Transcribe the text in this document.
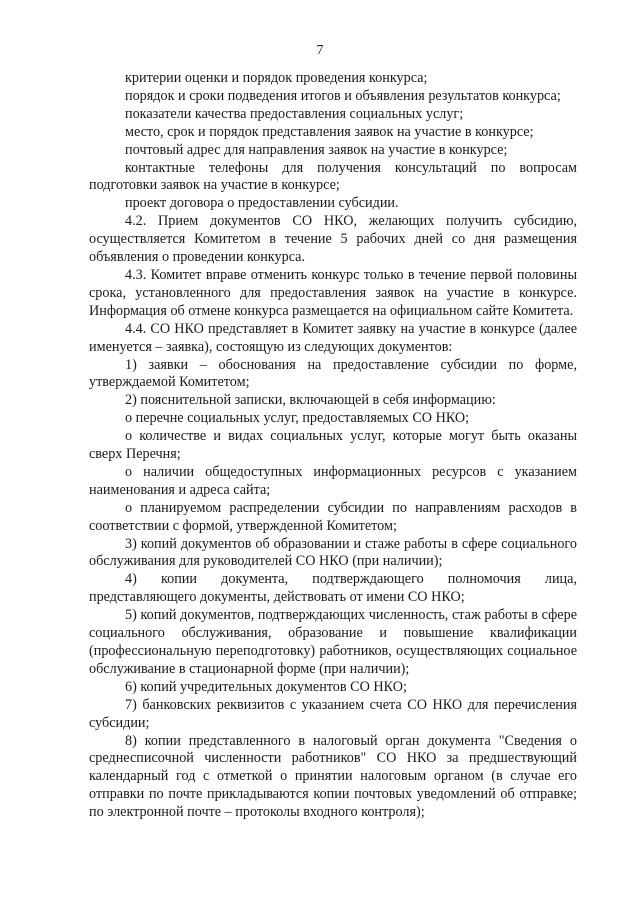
7

критерии оценки и порядок проведения конкурса;

порядок и сроки подведения итогов и объявления результатов конкурса;

показатели качества предоставления социальных услуг;

место, срок и порядок представления заявок на участие в конкурсе;

почтовый адрес для направления заявок на участие в конкурсе;

контактные телефоны для получения консультаций по вопросам подготовки заявок на участие в конкурсе;

проект договора о предоставлении субсидии.

4.2. Прием документов СО НКО, желающих получить субсидию, осуществляется Комитетом в течение 5 рабочих дней со дня размещения объявления о проведении конкурса.

4.3. Комитет вправе отменить конкурс только в течение первой половины срока, установленного для предоставления заявок на участие в конкурсе. Информация об отмене конкурса размещается на официальном сайте Комитета.

4.4. СО НКО представляет в Комитет заявку на участие в конкурсе (далее именуется – заявка), состоящую из следующих документов:

1) заявки – обоснования на предоставление субсидии по форме, утверждаемой Комитетом;

2) пояснительной записки, включающей в себя информацию:

о перечне социальных услуг, предоставляемых СО НКО;

о количестве и видах социальных услуг, которые могут быть оказаны сверх Перечня;

о наличии общедоступных информационных ресурсов с указанием наименования и адреса сайта;

о планируемом распределении субсидии по направлениям расходов в соответствии с формой, утвержденной Комитетом;

3) копий документов об образовании и стаже работы в сфере социального обслуживания для руководителей СО НКО (при наличии);

4) копии документа, подтверждающего полномочия лица, представляющего документы, действовать от имени СО НКО;

5) копий документов, подтверждающих численность, стаж работы в сфере социального обслуживания, образование и повышение квалификации (профессиональную переподготовку) работников, осуществляющих социальное обслуживание в стационарной форме (при наличии);

6) копий учредительных документов СО НКО;

7) банковских реквизитов с указанием счета СО НКО для перечисления субсидии;

8) копии представленного в налоговый орган документа "Сведения о среднесписочной численности работников" СО НКО за предшествующий календарный год с отметкой о принятии налоговым органом (в случае его отправки по почте прикладываются копии почтовых уведомлений об отправке; по электронной почте – протоколы входного контроля);
